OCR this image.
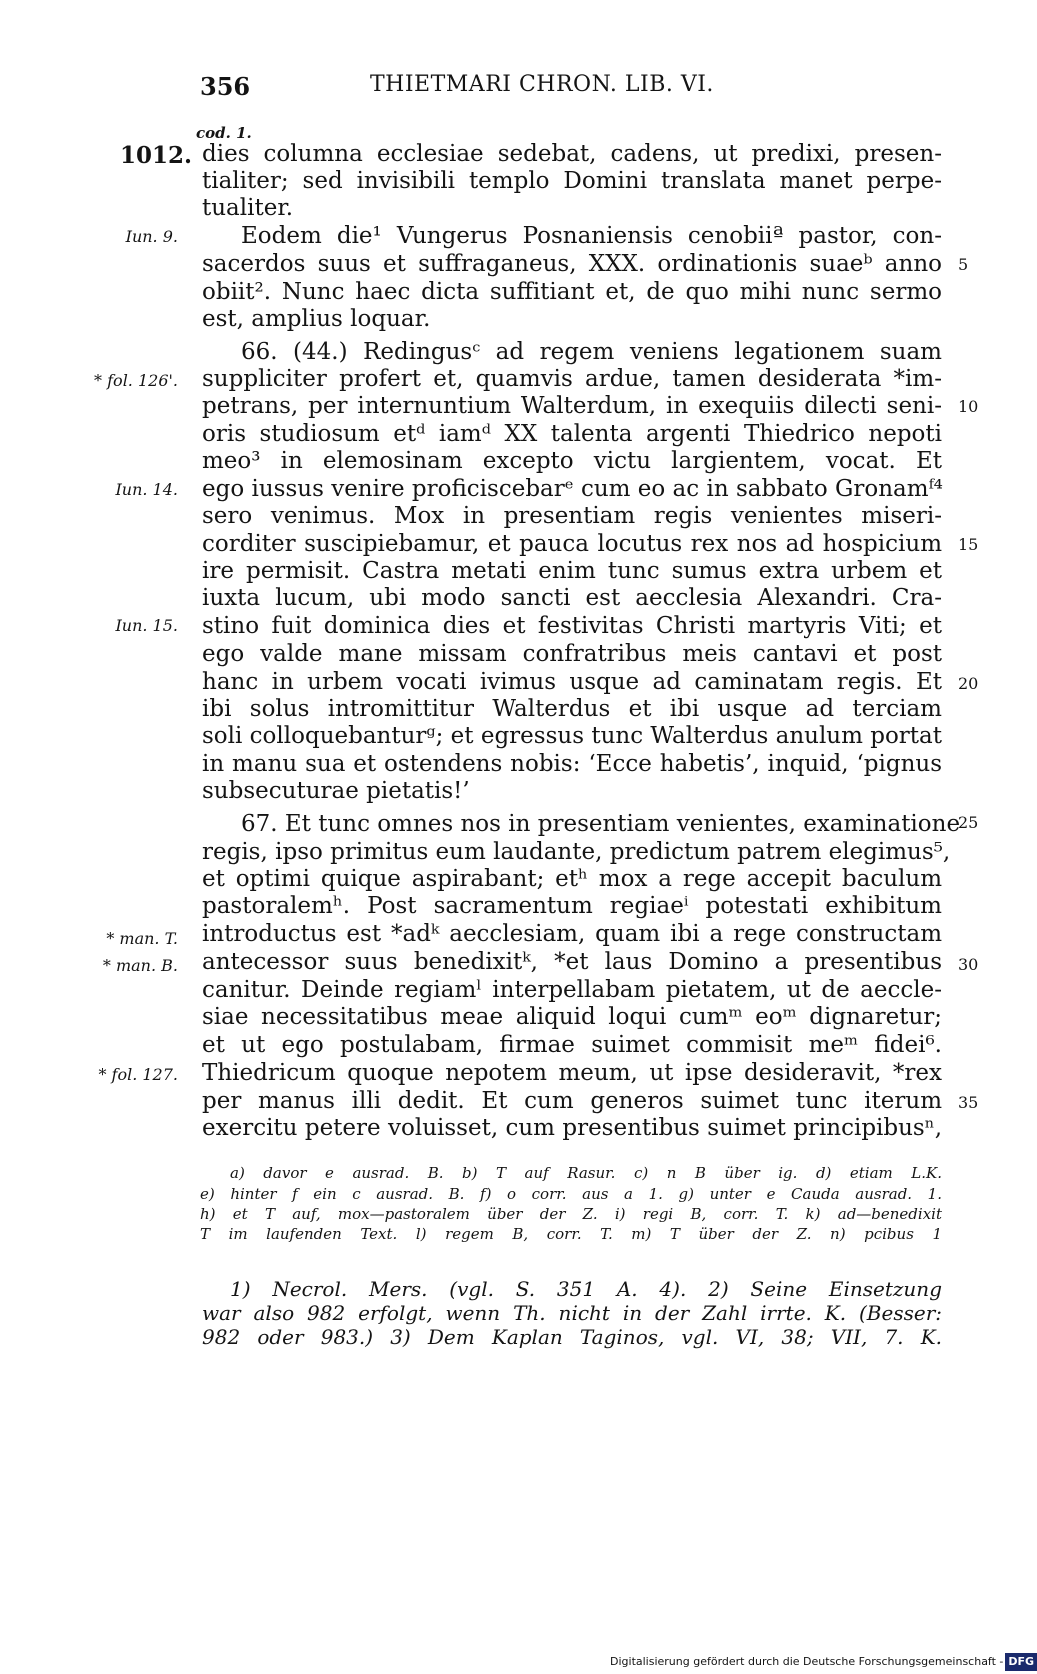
356	THIETMARI CHRON. LIB. VI.
cod. 1.
1012.
Iun. 9.
* fol. 126'.
Iun. 14.
Iun. 15.
* man. T.
* man. B.
* fol. 127.
5
10
15
20
25
30
35
dies columna ecclesiae sedebat, cadens, ut predixi, presen-
tialiter; sed invisibili templo Domini translata manet perpe-
tualiter.
Eodem die¹ Vungerus Posnaniensis cenobiiª pastor, con-
sacerdos suus et suffraganeus, XXX. ordinationis suaeᵇ anno
obiit². Nunc haec dicta suffitiant et, de quo mihi nunc sermo
est, amplius loquar.
66. (44.) Redingusᶜ ad regem veniens legationem suam
suppliciter profert et, quamvis ardue, tamen desiderata *im-
petrans, per internuntium Walterdum, in exequiis dilecti seni-
oris studiosum etᵈ iamᵈ XX talenta argenti Thiedrico nepoti
meo³ in elemosinam excepto victu largientem, vocat. Et
ego iussus venire proficiscebarᵉ cum eo ac in sabbato Gronamᶠ⁴
sero venimus. Mox in presentiam regis venientes miseri-
corditer suscipiebamur, et pauca locutus rex nos ad hospicium
ire permisit. Castra metati enim tunc sumus extra urbem et
iuxta lucum, ubi modo sancti est aecclesia Alexandri. Cra-
stino fuit dominica dies et festivitas Christi martyris Viti; et
ego valde mane missam confratribus meis cantavi et post
hanc in urbem vocati ivimus usque ad caminatam regis. Et
ibi solus intromittitur Walterdus et ibi usque ad terciam
soli colloquebanturᵍ; et egressus tunc Walterdus anulum portat
in manu sua et ostendens nobis: ‘Ecce habetis’, inquid, ‘pignus
subsecuturae pietatis!’
67. Et tunc omnes nos in presentiam venientes, examinatione
regis, ipso primitus eum laudante, predictum patrem elegimus⁵,
et optimi quique aspirabant; etʰ mox a rege accepit baculum
pastoralemʰ. Post sacramentum regiaeⁱ potestati exhibitum
introductus est *adᵏ aecclesiam, quam ibi a rege constructam
antecessor suus benedixitᵏ, *et laus Domino a presentibus
canitur. Deinde regiamˡ interpellabam pietatem, ut de aeccle-
siae necessitatibus meae aliquid loqui cumᵐ eoᵐ dignaretur;
et ut ego postulabam, firmae suimet commisit meᵐ fidei⁶.
Thiedricum quoque nepotem meum, ut ipse desideravit, *rex
per manus illi dedit. Et cum generos suimet tunc iterum
exercitu petere voluisset, cum presentibus suimet principibusⁿ,
a) davor e ausrad. B. b) T auf Rasur. c) n B über ig. d) etiam L.K.
e) hinter f ein c ausrad. B. f) o corr. aus a 1. g) unter e Cauda ausrad. 1.
h) et T auf, mox—pastoralem über der Z. i) regi B, corr. T. k) ad—benedixit
T im laufenden Text. l) regem B, corr. T. m) T über der Z. n) pcibus 1
1) Necrol. Mers. (vgl. S. 351 A. 4). 2) Seine Einsetzung
war also 982 erfolgt, wenn Th. nicht in der Zahl irrte. K. (Besser:
982 oder 983.) 3) Dem Kaplan Taginos, vgl. VI, 38; VII, 7. K.
Digitalisierung gefördert durch die Deutsche Forschungsgemeinschaft - DFG
